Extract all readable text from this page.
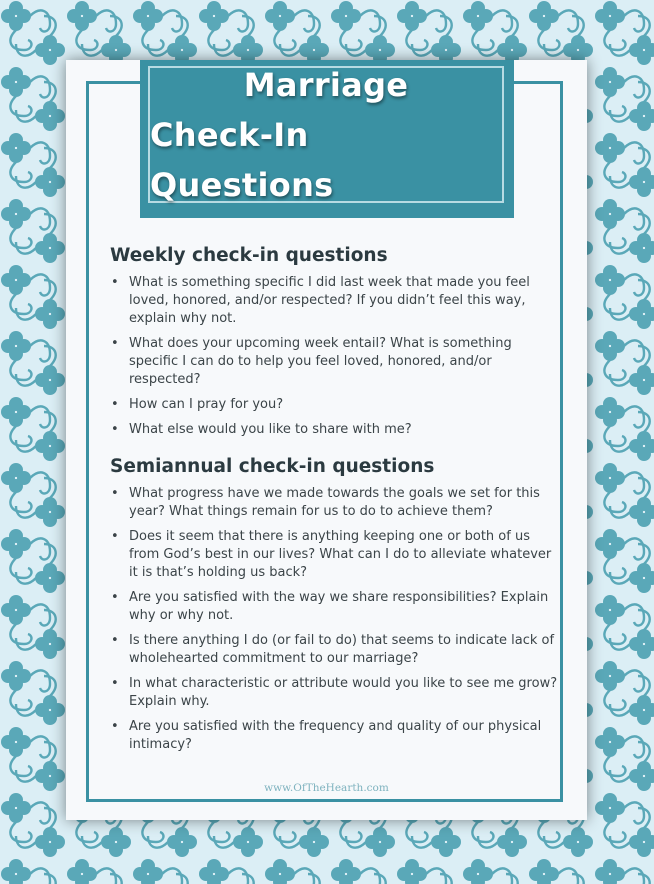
Marriage
Check-In Questions
Weekly check-in questions
• What is something specific I did last week that made you feel loved, honored, and/or respected? If you didn’t feel this way, explain why not.
• What does your upcoming week entail? What is something specific I can do to help you feel loved, honored, and/or respected?
• How can I pray for you?
• What else would you like to share with me?
Semiannual check-in questions
• What progress have we made towards the goals we set for this year? What things remain for us to do to achieve them?
• Does it seem that there is anything keeping one or both of us from God’s best in our lives? What can I do to alleviate whatever it is that’s holding us back?
• Are you satisfied with the way we share responsibilities? Explain why or why not.
• Is there anything I do (or fail to do) that seems to indicate lack of wholehearted commitment to our marriage?
• In what characteristic or attribute would you like to see me grow? Explain why.
• Are you satisfied with the frequency and quality of our physical intimacy?
www.OfTheHearth.com
